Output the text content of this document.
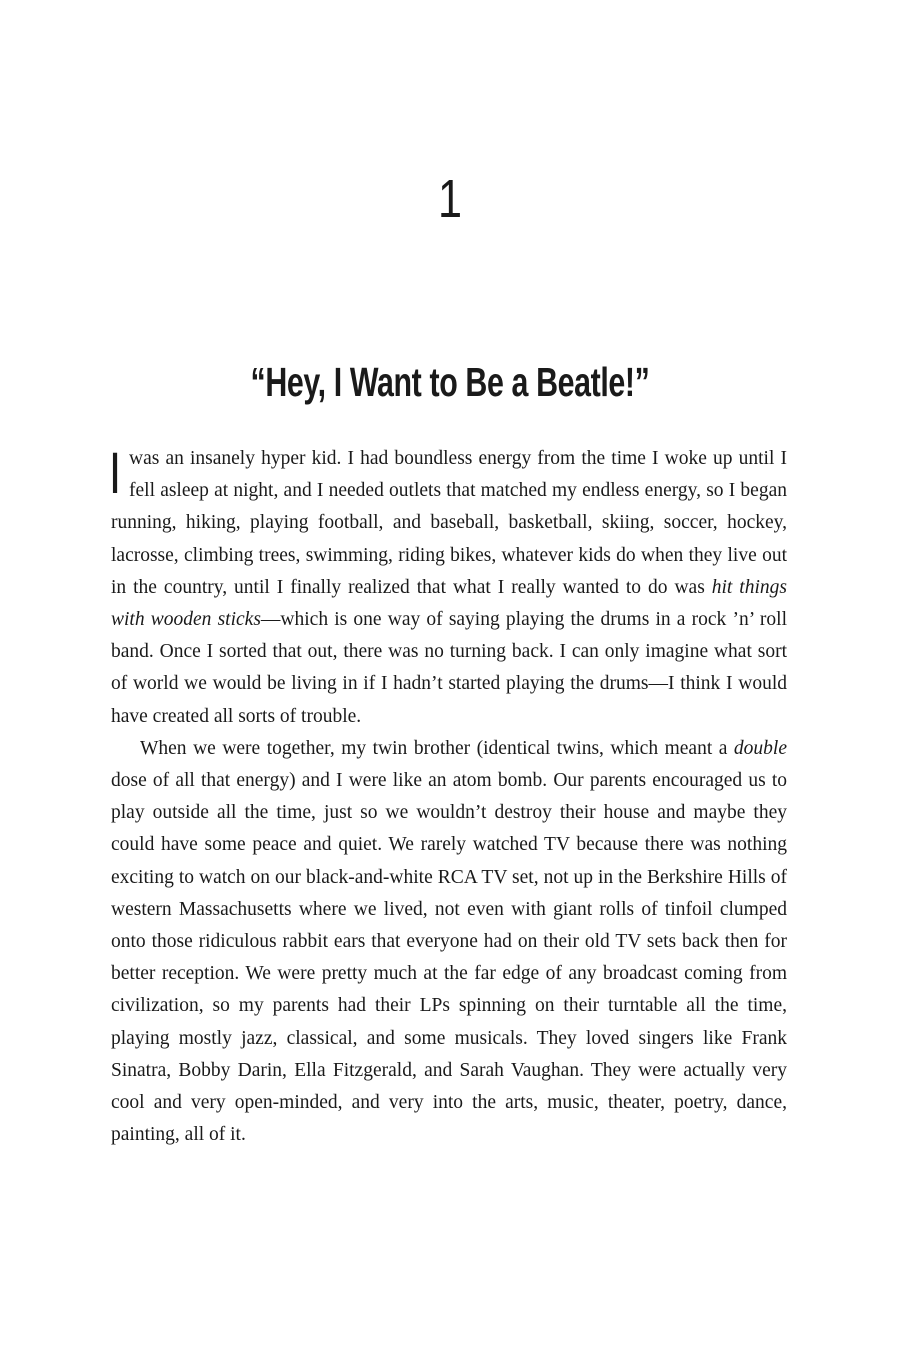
1
“Hey, I Want to Be a Beatle!”

Iwas an insanely hyper kid. I had boundless energy from the time I woke up until I fell asleep at night, and I needed outlets that matched my endless energy, so I began running, hiking, playing football, and baseball, basketball, skiing, soccer, hockey, lacrosse, climbing trees, swimming, riding bikes, whatever kids do when they live out in the country, until I finally realized that what I really wanted to do was hit things with wooden sticks—which is one way of saying playing the drums in a rock ’n’ roll band. Once I sorted that out, there was no turning back. I can only imagine what sort of world we would be living in if I hadn’t started playing the drums—I think I would have created all sorts of trouble.

When we were together, my twin brother (identical twins, which meant a double dose of all that energy) and I were like an atom bomb. Our parents encouraged us to play outside all the time, just so we wouldn’t destroy their house and maybe they could have some peace and quiet. We rarely watched TV because there was nothing exciting to watch on our black-and-white RCA TV set, not up in the Berkshire Hills of western Massachusetts where we lived, not even with giant rolls of tinfoil clumped onto those ridiculous rabbit ears that everyone had on their old TV sets back then for better reception. We were pretty much at the far edge of any broadcast coming from civilization, so my parents had their LPs spinning on their turntable all the time, playing mostly jazz, classical, and some musicals. They loved singers like Frank Sinatra, Bobby Darin, Ella Fitzgerald, and Sarah Vaughan. They were actually very cool and very open-minded, and very into the arts, music, theater, poetry, dance, painting, all of it.
